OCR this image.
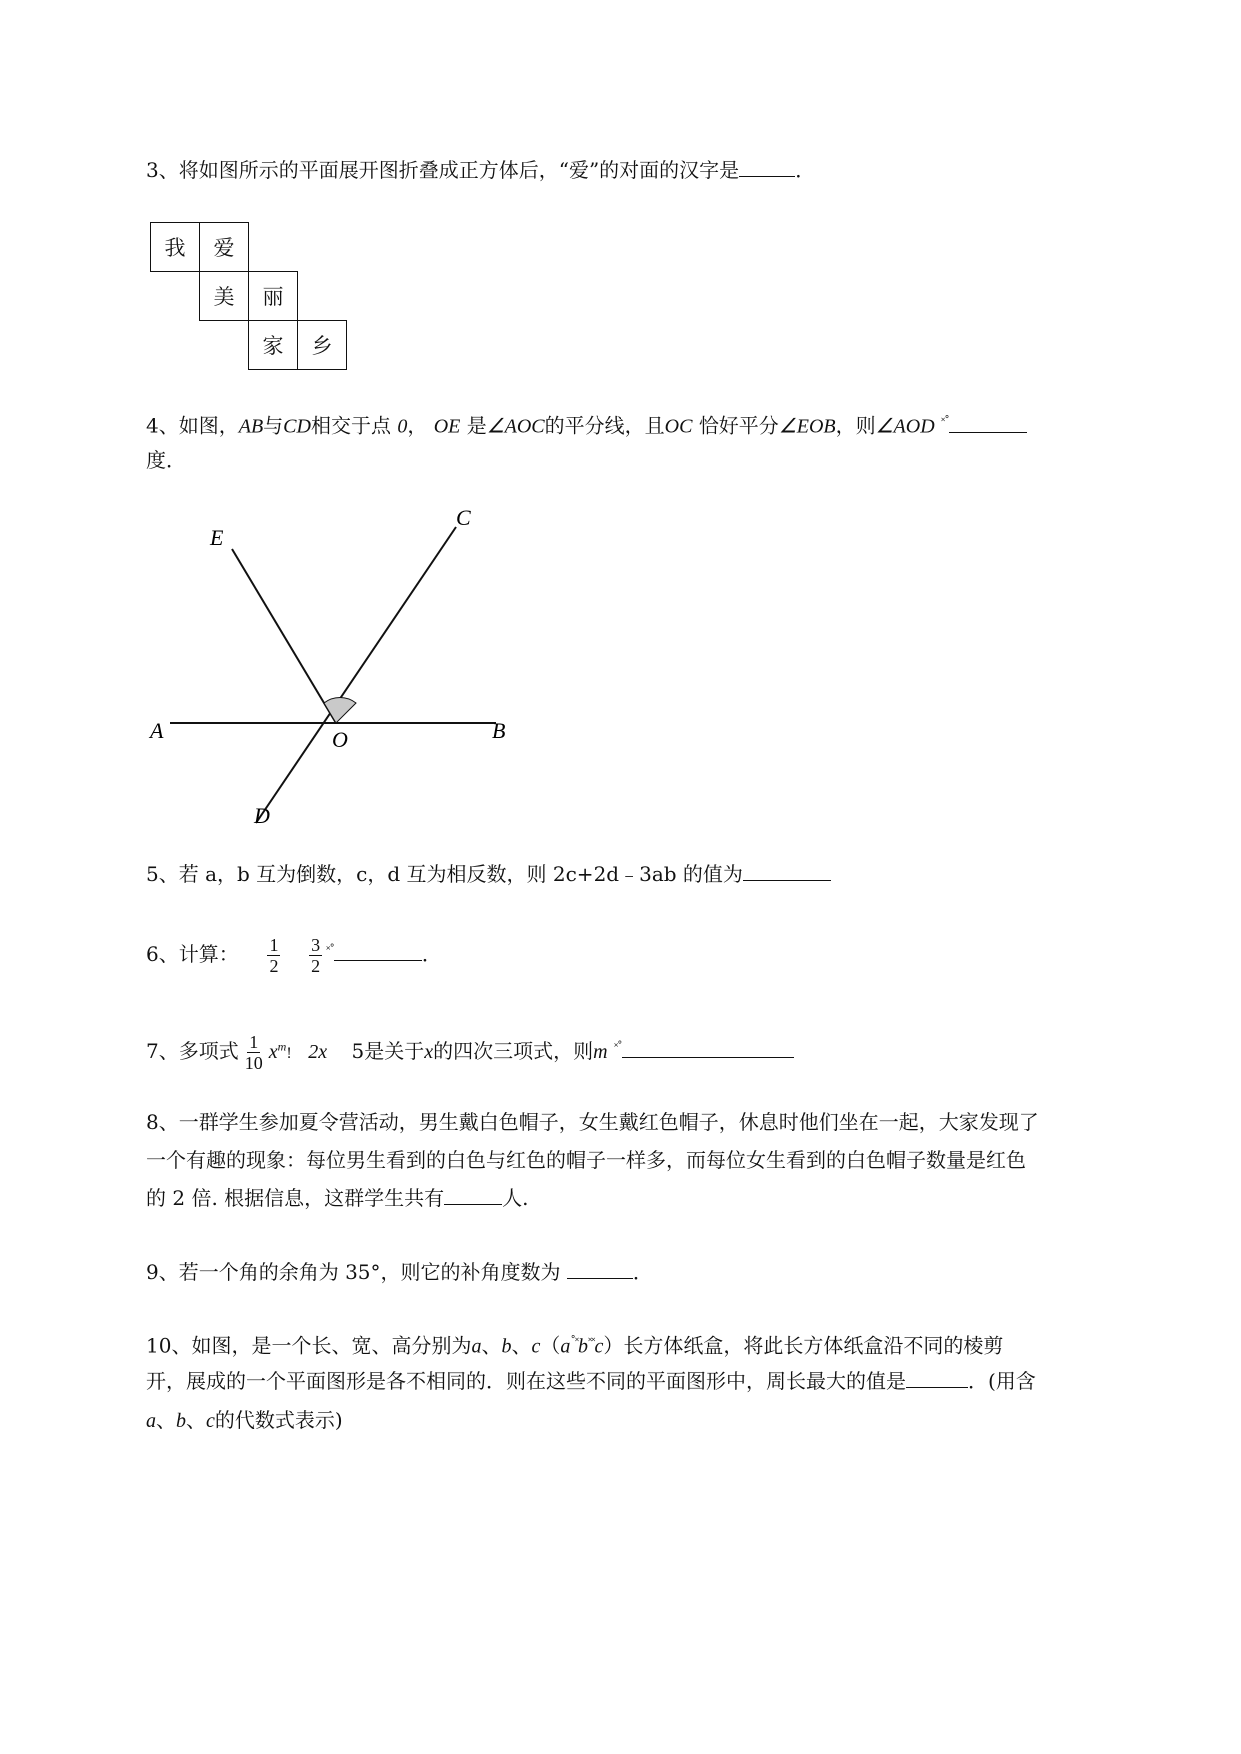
3、将如图所示的平面展开图折叠成正方体后，“爱”的对面的汉字是	．
我	爱
美	丽
家	乡
4、如图，AB与CD相交于点 0， OE 是∠AOC的平分线，且OC 恰好平分∠EOB，则∠AOD ˟˚
度．
E
C
A	O	B
D
5、若 a，b 互为倒数，c，d 互为相反数，则 2c+2d﹣3ab 的值为
6、计算： $\frac{1}{2}$
$\frac{3}{2} ^{˟˚}$	．
7、多项式 $\frac{1}{10} x^m$! 2x 5是关于x的四次三项式，则m ˟˚
8、一群学生参加夏令营活动，男生戴白色帽子，女生戴红色帽子，休息时他们坐在一起，大家发现了
一个有趣的现象：每位男生看到的白色与红色的帽子一样多，而每位女生看到的白色帽子数量是红色
的 2 倍. 根据信息，这群学生共有	人.
9、若一个角的余角为 35°，则它的补角度数为	．
10、如图，是一个长、宽、高分别为a、b、c（a˚˟b˟˟c）长方体纸盒，将此长方体纸盒沿不同的棱剪
开，展成的一个平面图形是各不相同的．则在这些不同的平面图形中，周长最大的值是	．(用含
a、b、c的代数式表示)
